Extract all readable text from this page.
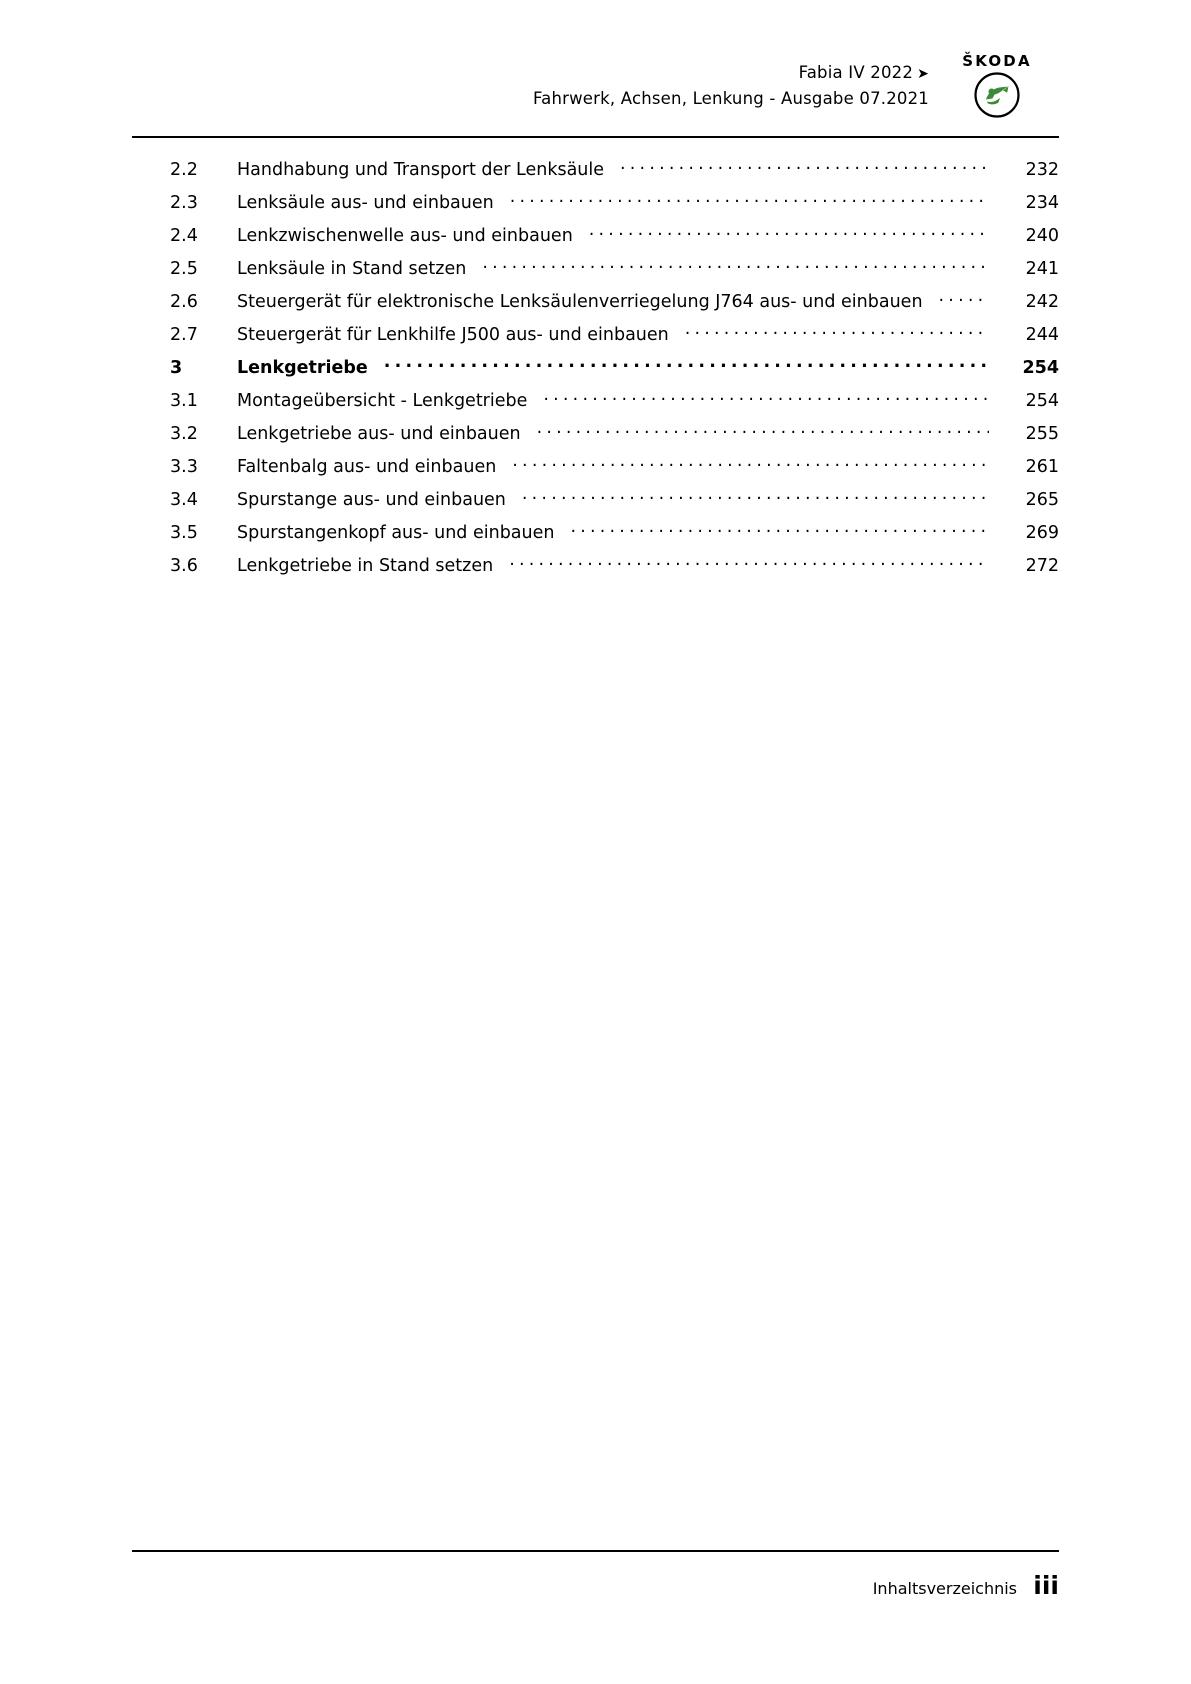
Fabia IV 2022 ➤
Fahrwerk, Achsen, Lenkung - Ausgabe 07.2021
ŠKODA
2.2	Handhabung und Transport der Lenksäule .....	232
2.3	Lenksäule aus- und einbauen .....	234
2.4	Lenkzwischenwelle aus- und einbauen .....	240
2.5	Lenksäule in Stand setzen .....	241
2.6	Steuergerät für elektronische Lenksäulenverriegelung J764 aus- und einbauen .....	242
2.7	Steuergerät für Lenkhilfe J500 aus- und einbauen .....	244
3	Lenkgetriebe .....	254
3.1	Montageübersicht - Lenkgetriebe .....	254
3.2	Lenkgetriebe aus- und einbauen .....	255
3.3	Faltenbalg aus- und einbauen .....	261
3.4	Spurstange aus- und einbauen .....	265
3.5	Spurstangenkopf aus- und einbauen .....	269
3.6	Lenkgetriebe in Stand setzen .....	272
Inhaltsverzeichnis iii
